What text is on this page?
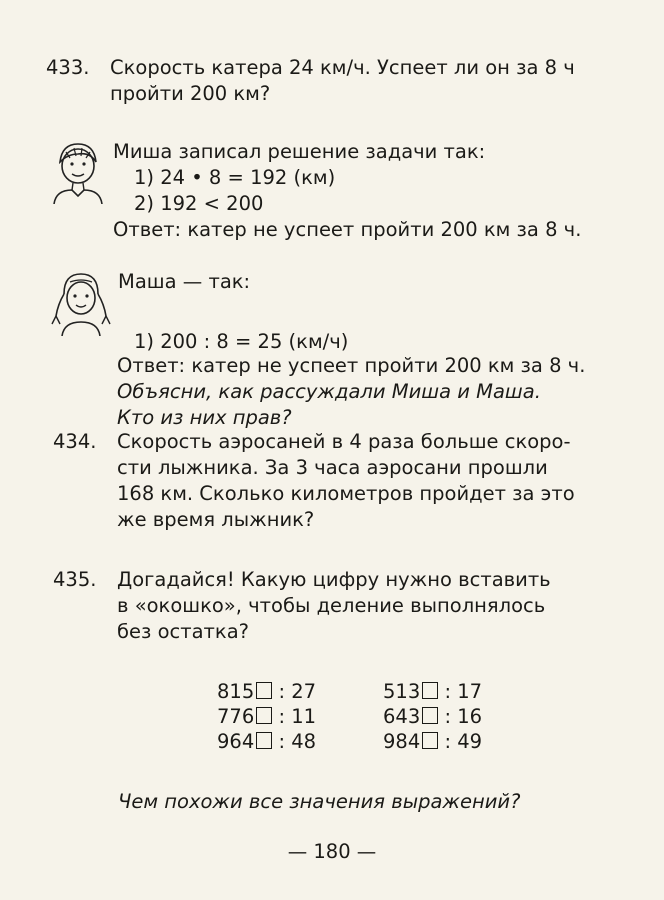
433. Скорость катера 24 км/ч. Успеет ли он за 8 ч
пройти 200 км?
Миша записал решение задачи так:
1) 24 • 8 = 192 (км)
2) 192 < 200
Ответ: катер не успеет пройти 200 км за 8 ч.
Маша — так:
1) 200 : 8 = 25 (км/ч)
Ответ: катер не успеет пройти 200 км за 8 ч.
Объясни, как рассуждали Миша и Маша.
Кто из них прав?
434. Скорость аэросаней в 4 раза больше скоро-
сти лыжника. За 3 часа аэросани прошли
168 км. Сколько километров пройдет за это
же время лыжник?
435. Догадайся! Какую цифру нужно вставить
в «окошко», чтобы деление выполнялось
без остатка?
815 : 27
776 : 11
964 : 48
513 : 17
643 : 16
984 : 49
Чем похожи все значения выражений?
— 180 —
